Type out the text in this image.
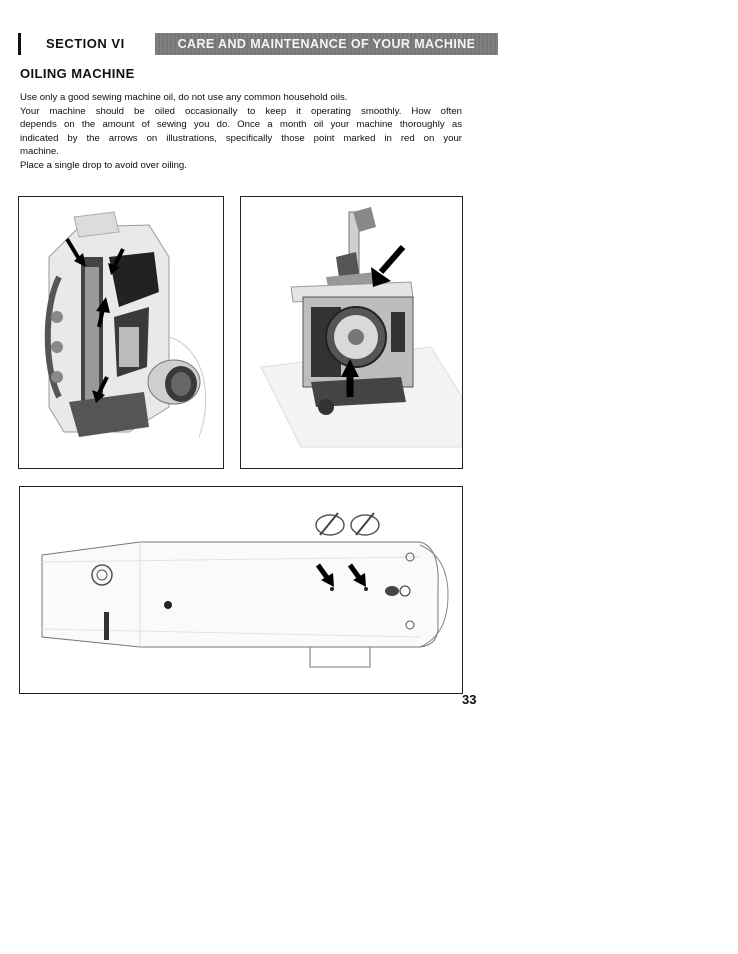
SECTION VI	CARE AND MAINTENANCE OF YOUR MACHINE
OILING MACHINE
Use only a good sewing machine oil, do not use any common household oils.
Your machine should be oiled occasionally to keep it operating smoothly. How often
depends on the amount of sewing you do. Once a month oil your machine thoroughly as
indicated by the arrows on illustrations, specifically those point marked in red on your
machine.
Place a single drop to avoid over oiling.
33
